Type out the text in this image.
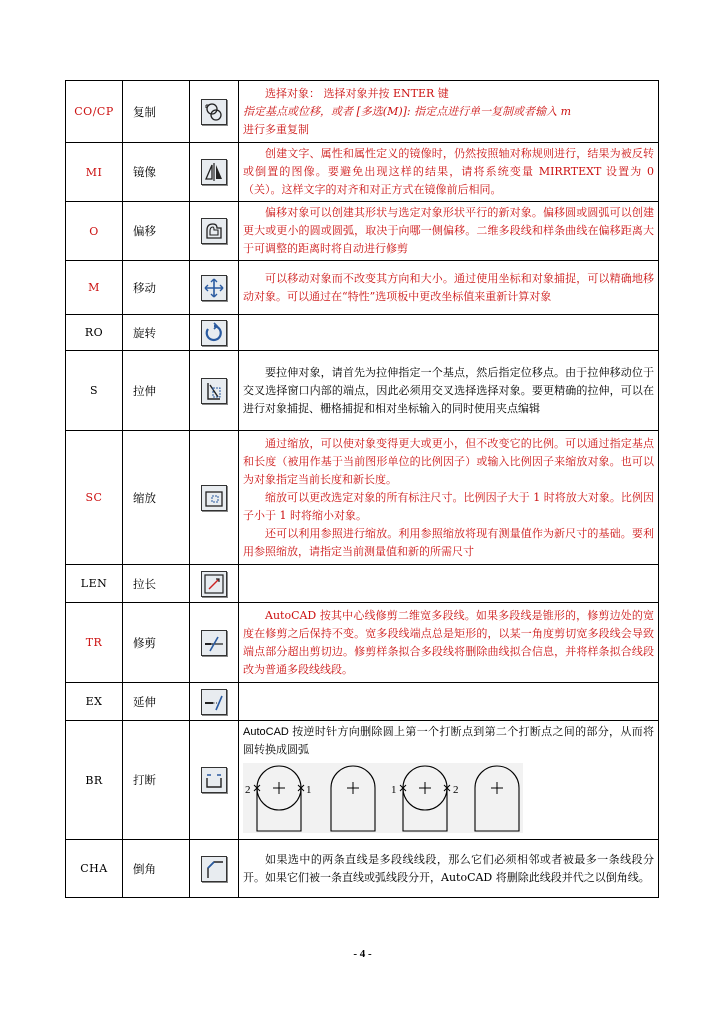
CO/CP	复制		选择对象： 选择对象并按 ENTER 键

指定基点或位移，或者 [多选(M)]: 指定点进行单一复制或者输入 m

进行多重复制

MI	镜像		创建文字、属性和属性定义的镜像时，仍然按照轴对称规则进行，结果为被反转或倒置的图像。要避免出现这样的结果，请将系统变量 MIRRTEXT 设置为 0（关）。这样文字的对齐和对正方式在镜像前后相同。
O	偏移		偏移对象可以创建其形状与选定对象形状平行的新对象。偏移圆或圆弧可以创建更大或更小的圆或圆弧，取决于向哪一侧偏移。二维多段线和样条曲线在偏移距离大于可调整的距离时将自动进行修剪
M	移动		可以移动对象而不改变其方向和大小。通过使用坐标和对象捕捉，可以精确地移动对象。可以通过在“特性”选项板中更改坐标值来重新计算对象
RO	旋转	

S	拉伸		要拉伸对象，请首先为拉伸指定一个基点，然后指定位移点。由于拉伸移动位于交叉选择窗口内部的端点，因此必须用交叉选择选择对象。要更精确的拉伸，可以在进行对象捕捉、栅格捕捉和相对坐标输入的同时使用夹点编辑
SC	缩放		通过缩放，可以使对象变得更大或更小，但不改变它的比例。可以通过指定基点和长度（被用作基于当前图形单位的比例因子）或输入比例因子来缩放对象。也可以为对象指定当前长度和新长度。

缩放可以更改选定对象的所有标注尺寸。比例因子大于 1 时将放大对象。比例因子小于 1 时将缩小对象。

还可以利用参照进行缩放。利用参照缩放将现有测量值作为新尺寸的基础。要利用参照缩放，请指定当前测量值和新的所需尺寸

LEN	拉长	

TR	修剪		AutoCAD 按其中心线修剪二维宽多段线。如果多段线是锥形的，修剪边处的宽度在修剪之后保持不变。宽多段线端点总是矩形的，以某一角度剪切宽多段线会导致端点部分超出剪切边。修剪样条拟合多段线将删除曲线拟合信息，并将样条拟合线段改为普通多段线线段。
EX	延伸	

BR	打断		AutoCAD 按逆时针方向删除圆上第一个打断点到第二个打断点之间的部分，从而将圆转换成圆弧

2 1 1 2

CHA	倒角		如果选中的两条直线是多段线线段，那么它们必须相邻或者被最多一条线段分开。如果它们被一条直线或弧线段分开，AutoCAD 将删除此线段并代之以倒角线。
- 4 -
